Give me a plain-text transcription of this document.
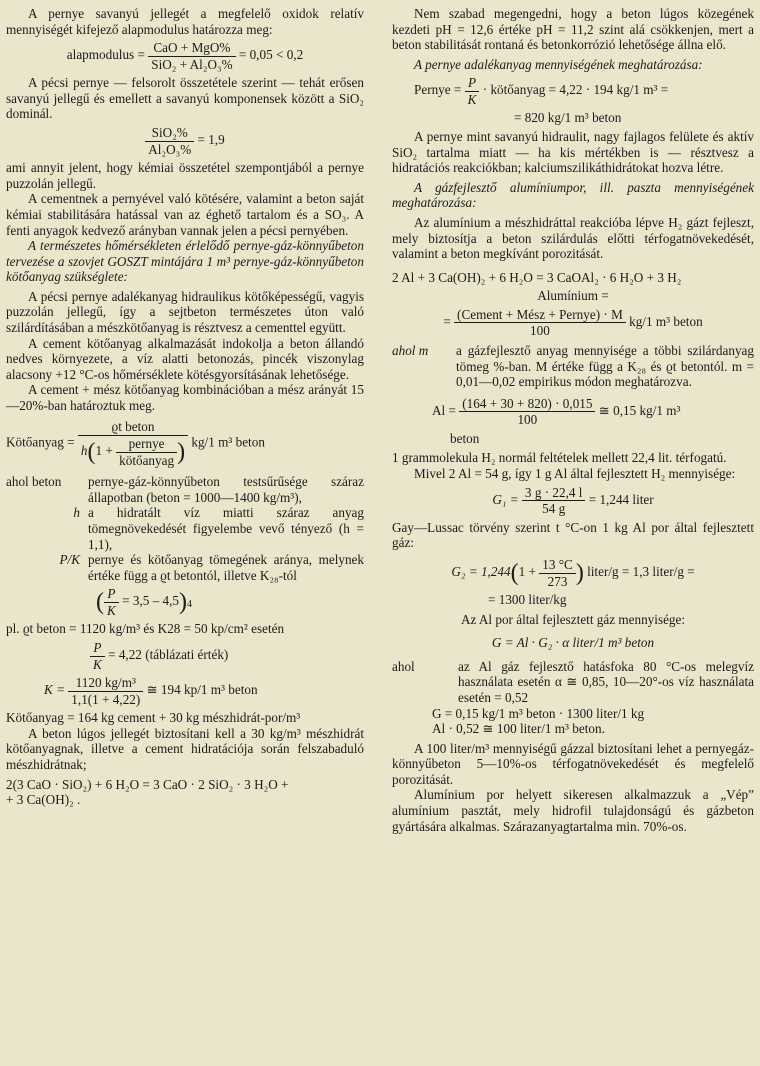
A pernye savanyú jellegét a megfelelő oxidok relatív mennyiségét kifejező alapmodulus határozza meg:

alapmodulus = $\frac{\text{CaO + MgO\%}}{\text{SiO₂ + Al₂O₃\%}} = 0,05 < 0,2$

A pécsi pernye — felsorolt összetétele szerint — tehát erősen savanyú jellegű és emellett a savanyú komponensek között a SiO₂ dominál.

$\frac{\text{SiO₂\%}}{\text{Al₂O₃\%}} = 1,9$

ami annyit jelent, hogy kémiai összetétel szempontjából a pernye puzzolán jellegű.

A cementnek a pernyével való kötésére, valamint a beton saját kémiai stabilitására hatással van az éghető tartalom és a SO₃. A fenti anyagok kedvező arányban vannak jelen a pécsi pernyében.

A természetes hőmérsékleten érlelődő pernye-gáz-könnyűbeton tervezése a szovjet GOSZT mintájára 1 m³ pernye-gáz-könnyűbeton kötőanyag szükséglete:

A pécsi pernye adalékanyag hidraulikus kötőképességű, vagyis puzzolán jellegű, így a sejtbeton természetes úton való szilárdításában a mészkötőanyag is résztvesz a cementtel együtt.

A cement kötőanyag alkalmazását indokolja a beton állandó nedves környezete, a víz alatti betonozás, pincék viszonylag alacsony +12 °C-os hőmérséklete kötésgyorsításának lehetősége.

A cement + mész kötőanyag kombinációban a mész arányát 15—20%-ban határoztuk meg.

Kötőanyag =
ϱt beton
$h(1 + \frac{\text{pernye}}{\text{kötőanyag}}$ ) kg/1 m³ beton
ahol beton	pernye-gáz-könnyűbeton testsűrűsége száraz állapotban (beton = 1000—1400 kg/m³),
h	a hidratált víz miatti száraz anyag tömegnövekedését figyelembe vevő tényező (h = 1,1),
P/K	pernye és kötőanyag tömegének aránya, melynek értéke függ a ϱt betontól, illetve K₂₈-tól
( $\frac{P}{K} = 3,5 - 4,5)_4$

pl. ϱt beton = 1120 kg/m³ és K28 = 50 kp/cm² esetén

$\frac{P}{K} = 4,22$ (táblázati érték)
$K = \frac{\text{1120 kg/m³}}{1,1(1 + 4,22)}$ ≅ 194 kp/1 m³ beton

Kötőanyag = 164 kg cement + 30 kg mészhidrát-por/m³

A beton lúgos jellegét biztosítani kell a 30 kg/m³ mészhidrát kötőanyagnak, illetve a cement hidratációja során felszabaduló mészhidrátnak;

2(3 CaO · SiO₂) + 6 H₂O = 3 CaO · 2 SiO₂ · 3 H₂O +

+ 3 Ca(OH)₂ .

Nem szabad megengedni, hogy a beton lúgos közegének kezdeti pH = 12,6 értéke pH = 11,2 szint alá csökkenjen, mert a beton stabilitását rontaná és betonkorrózió lehetősége állna elő.

A pernye adalékanyag mennyiségének meghatározása:

Pernye = $\frac{P}{K}$ · kötőanyag = 4,22 · 194 kg/1 m³ =
= 820 kg/1 m³ beton

A pernye mint savanyú hidraulit, nagy fajlagos felülete és aktív SiO₂ tartalma miatt — ha kis mértékben is — résztvesz a hidratációs reakciókban; kalciumszilikáthidrátokat hozva létre.

A gázfejlesztő alumíniumpor, ill. paszta mennyiségének meghatározása:

Az alumínium a mészhidráttal reakcióba lépve H₂ gázt fejleszt, mely biztosítja a beton szilárdulás előtti térfogatnövekedését, valamint a beton megkívánt porozitását.

2 Al + 3 Ca(OH)₂ + 6 H₂O = 3 CaOAl₂ · 6 H₂O + 3 H₂

Alumínium =
= $\frac{\text{(Cement + Mész + Pernye) · M}}{100} kg/1$ m³ beton
ahol m	a gázfejlesztő anyag mennyisége a többi szilárdanyag tömeg %-ban. M értéke függ a K₂₈ és ϱt betontól. m = 0,01—0,02 empirikus módon meghatározva.
$Al = \frac{(164 + 30 + 820) \cdot 0,015}{100}$ ≅ 0,15 kg/1 m³
beton

1 grammolekula H₂ normál feltételek mellett 22,4 lit. térfogatú.

Mivel 2 Al = 54 g, így 1 g Al által fejlesztett H₂ mennyisége:

$G_1 = \frac{3 g \cdot 22,4 l}{54 g} = 1,244$ liter

Gay—Lussac törvény szerint t °C-on 1 kg Al por által fejlesztett gáz:

$G_2 = 1,244(1 + \frac{13 ^\circ C}{273}$ ) liter/g = 1,3 liter/g =
= 1300 liter/kg

Az Al por által fejlesztett gáz mennyisége:

G = Al · G₂ · α liter/1 m³ beton
ahol	az Al gáz fejlesztő hatásfoka 80 °C-os melegvíz használata esetén α ≅ 0,85, 10—20°-os víz használata esetén = 0,52
G = 0,15 kg/1 m³ beton · 1300 liter/1 kg
Al · 0,52 ≅ 100 liter/1 m³ beton.

A 100 liter/m³ mennyiségű gázzal biztosítani lehet a pernyegáz-könnyűbeton 5—10%-os térfogatnövekedését és megfelelő porozitását.

Alumínium por helyett sikeresen alkalmazzuk a „Vép” alumínium pasztát, mely hidrofil tulajdonságú és gázbeton gyártására alkalmas. Szárazanyagtartalma min. 70%-os.
